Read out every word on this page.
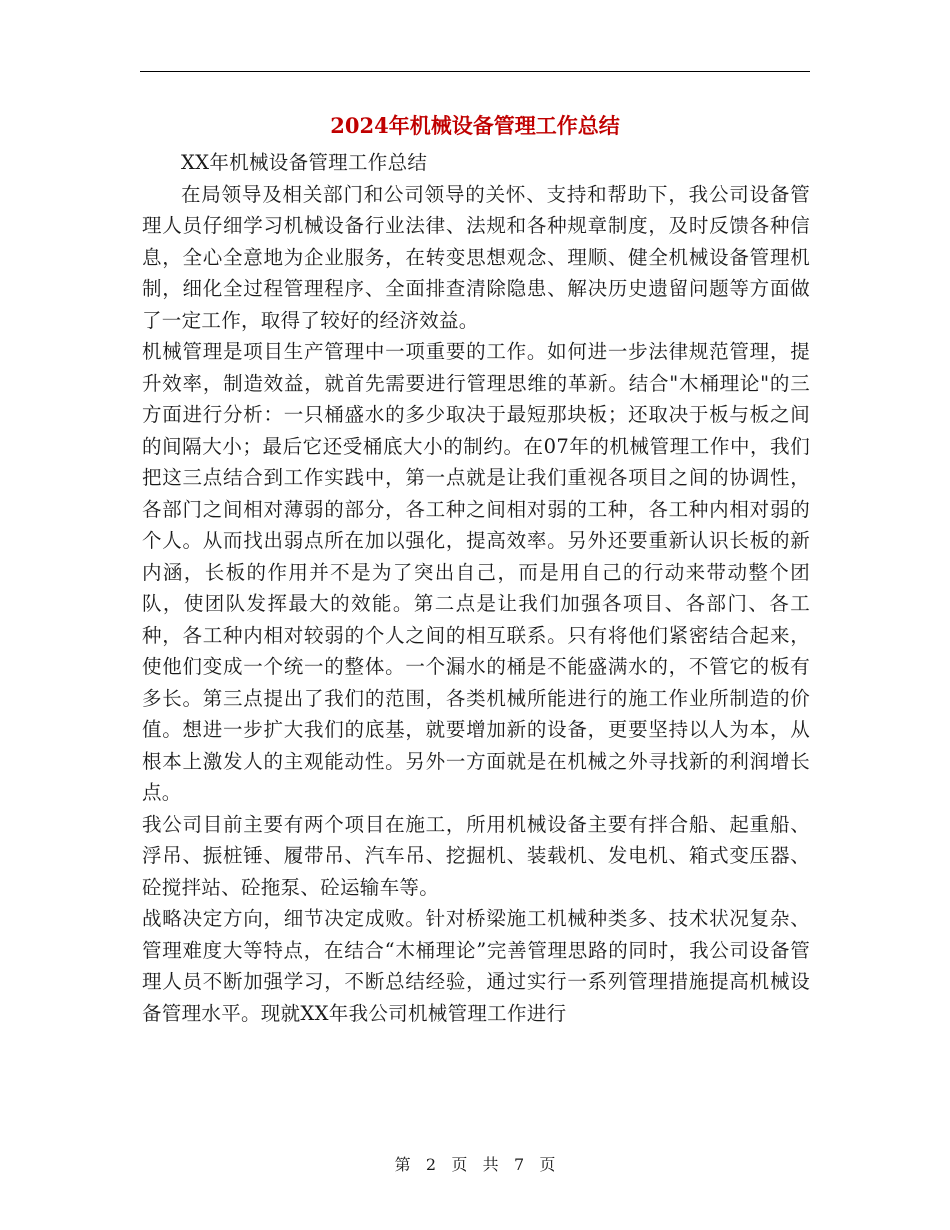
2024年机械设备管理工作总结

XX年机械设备管理工作总结

在局领导及相关部门和公司领导的关怀、支持和帮助下，我公司设备管理人员仔细学习机械设备行业法律、法规和各种规章制度，及时反馈各种信息，全心全意地为企业服务，在转变思想观念、理顺、健全机械设备管理机制，细化全过程管理程序、全面排查清除隐患、解决历史遗留问题等方面做了一定工作，取得了较好的经济效益。

机械管理是项目生产管理中一项重要的工作。如何进一步法律规范管理，提升效率，制造效益，就首先需要进行管理思维的革新。结合"木桶理论"的三方面进行分析：一只桶盛水的多少取决于最短那块板；还取决于板与板之间的间隔大小；最后它还受桶底大小的制约。在07年的机械管理工作中，我们把这三点结合到工作实践中，第一点就是让我们重视各项目之间的协调性，各部门之间相对薄弱的部分，各工种之间相对弱的工种，各工种内相对弱的个人。从而找出弱点所在加以强化，提高效率。另外还要重新认识长板的新内涵，长板的作用并不是为了突出自己，而是用自己的行动来带动整个团队，使团队发挥最大的效能。第二点是让我们加强各项目、各部门、各工种，各工种内相对较弱的个人之间的相互联系。只有将他们紧密结合起来，使他们变成一个统一的整体。一个漏水的桶是不能盛满水的，不管它的板有多长。第三点提出了我们的范围，各类机械所能进行的施工作业所制造的价值。想进一步扩大我们的底基，就要增加新的设备，更要坚持以人为本，从根本上激发人的主观能动性。另外一方面就是在机械之外寻找新的利润增长点。

我公司目前主要有两个项目在施工，所用机械设备主要有拌合船、起重船、浮吊、振桩锤、履带吊、汽车吊、挖掘机、装载机、发电机、箱式变压器、砼搅拌站、砼拖泵、砼运输车等。

战略决定方向，细节决定成败。针对桥梁施工机械种类多、技术状况复杂、管理难度大等特点，在结合“木桶理论”完善管理思路的同时，我公司设备管理人员不断加强学习，不断总结经验，通过实行一系列管理措施提高机械设备管理水平。现就XX年我公司机械管理工作进行

第 2 页 共 7 页
